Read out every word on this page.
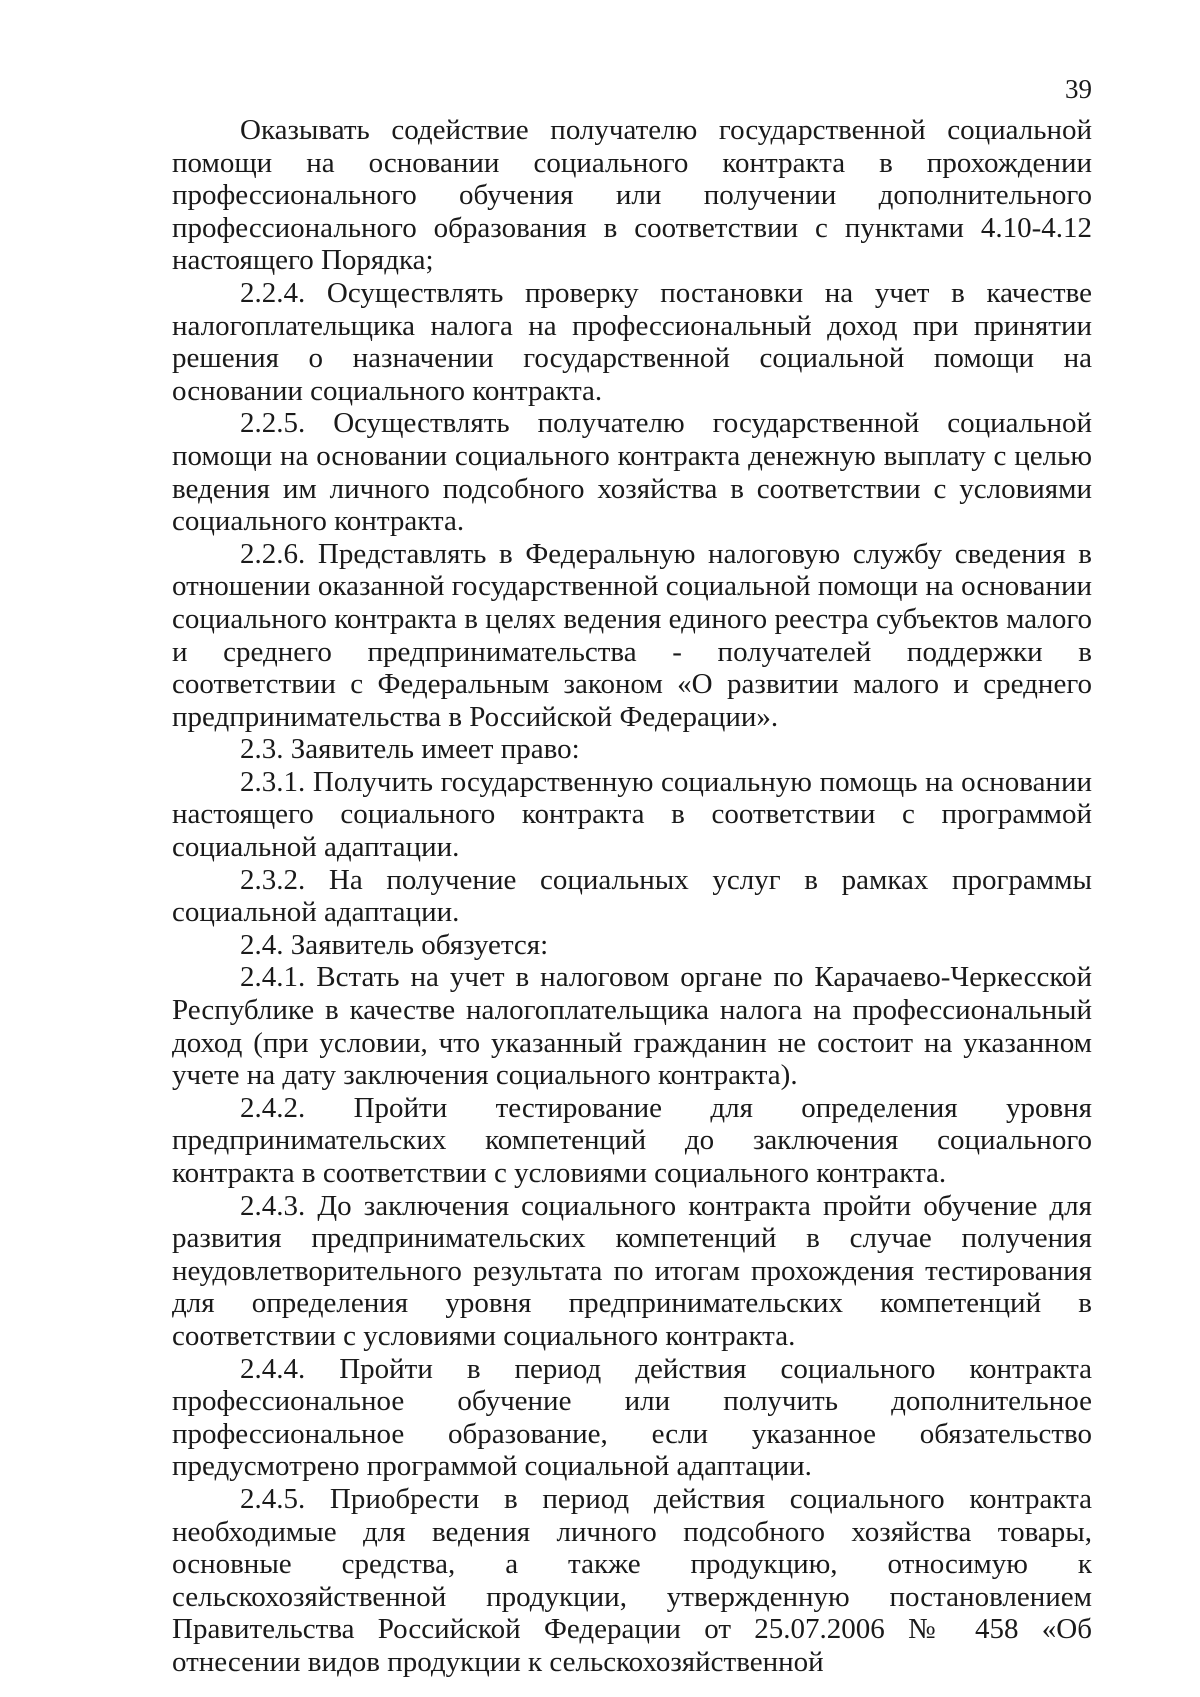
39

Оказывать содействие получателю государственной социальной помощи на основании социального контракта в прохождении профессионального обучения или получении дополнительного профессионального образования в соответствии с пунктами 4.10-4.12 настоящего Порядка;

2.2.4. Осуществлять проверку постановки на учет в качестве налогоплательщика налога на профессиональный доход при принятии решения о назначении государственной социальной помощи на основании социального контракта.

2.2.5. Осуществлять получателю государственной социальной помощи на основании социального контракта денежную выплату с целью ведения им личного подсобного хозяйства в соответствии с условиями социального контракта.

2.2.6. Представлять в Федеральную налоговую службу сведения в отношении оказанной государственной социальной помощи на основании социального контракта в целях ведения единого реестра субъектов малого и среднего предпринимательства - получателей поддержки в соответствии с Федеральным законом «О развитии малого и среднего предпринимательства в Российской Федерации».

2.3. Заявитель имеет право:

2.3.1. Получить государственную социальную помощь на основании настоящего социального контракта в соответствии с программой социальной адаптации.

2.3.2. На получение социальных услуг в рамках программы социальной адаптации.

2.4. Заявитель обязуется:

2.4.1. Встать на учет в налоговом органе по Карачаево-Черкесской Республике в качестве налогоплательщика налога на профессиональный доход (при условии, что указанный гражданин не состоит на указанном учете на дату заключения социального контракта).

2.4.2. Пройти тестирование для определения уровня предпринимательских компетенций до заключения социального контракта в соответствии с условиями социального контракта.

2.4.3. До заключения социального контракта пройти обучение для развития предпринимательских компетенций в случае получения неудовлетворительного результата по итогам прохождения тестирования для определения уровня предпринимательских компетенций в соответствии с условиями социального контракта.

2.4.4. Пройти в период действия социального контракта профессиональное обучение или получить дополнительное профессиональное образование, если указанное обязательство предусмотрено программой социальной адаптации.

2.4.5. Приобрести в период действия социального контракта необходимые для ведения личного подсобного хозяйства товары, основные средства, а также продукцию, относимую к сельскохозяйственной продукции, утвержденную постановлением Правительства Российской Федерации от 25.07.2006 № 458 «Об отнесении видов продукции к сельскохозяйственной
